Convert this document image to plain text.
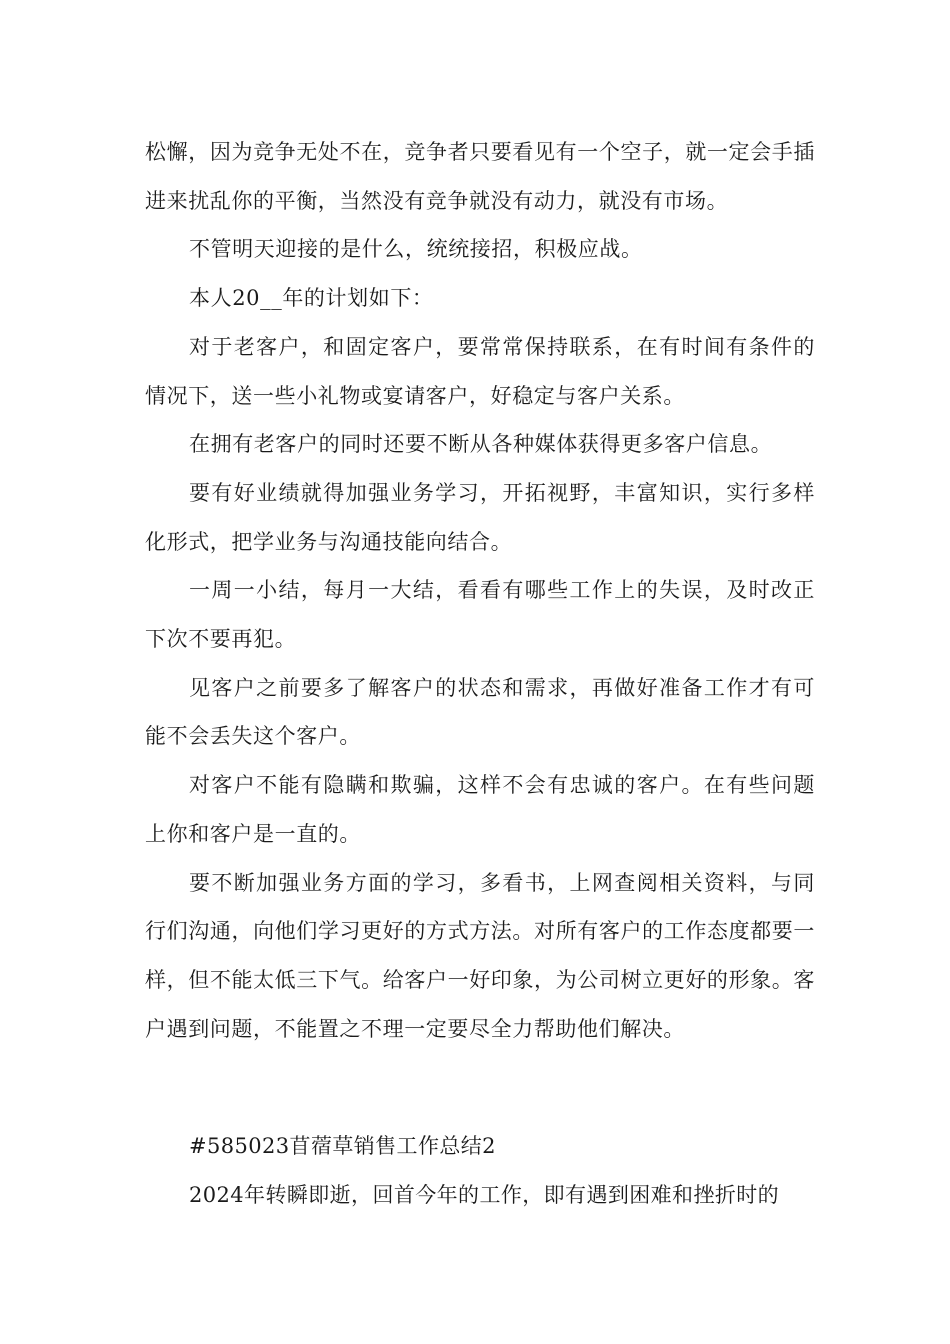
松懈，因为竞争无处不在，竞争者只要看见有一个空子，就一定会手插进来扰乱你的平衡，当然没有竞争就没有动力，就没有市场。

不管明天迎接的是什么，统统接招，积极应战。

本人20__年的计划如下：

对于老客户，和固定客户，要常常保持联系，在有时间有条件的情况下，送一些小礼物或宴请客户，好稳定与客户关系。

在拥有老客户的同时还要不断从各种媒体获得更多客户信息。

要有好业绩就得加强业务学习，开拓视野，丰富知识，实行多样化形式，把学业务与沟通技能向结合。

一周一小结，每月一大结，看看有哪些工作上的失误，及时改正下次不要再犯。

见客户之前要多了解客户的状态和需求，再做好准备工作才有可能不会丢失这个客户。

对客户不能有隐瞒和欺骗，这样不会有忠诚的客户。在有些问题上你和客户是一直的。

要不断加强业务方面的学习，多看书，上网查阅相关资料，与同行们沟通，向他们学习更好的方式方法。对所有客户的工作态度都要一样，但不能太低三下气。给客户一好印象，为公司树立更好的形象。客户遇到问题，不能置之不理一定要尽全力帮助他们解决。

#585023苜蓿草销售工作总结2

2024年转瞬即逝，回首今年的工作，即有遇到困难和挫折时的
